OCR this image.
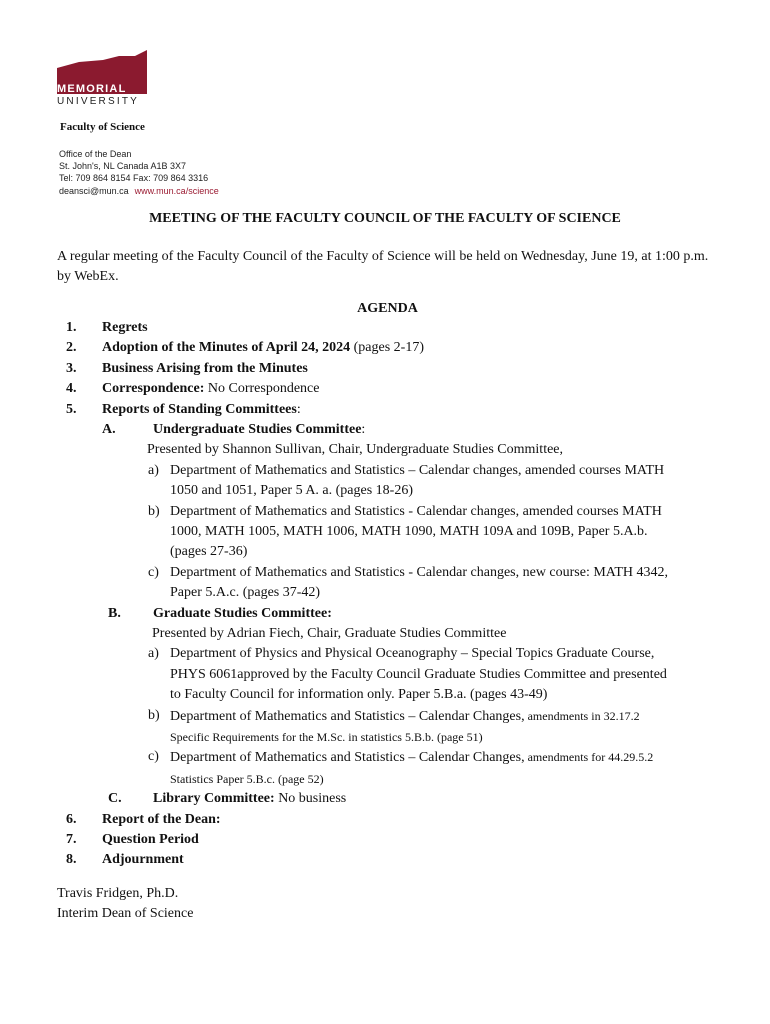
MEMORIAL
UNIVERSITY
Faculty of Science
Office of the Dean
St. John's, NL Canada A1B 3X7
Tel: 709 864 8154 Fax: 709 864 3316
deansci@mun.ca www.mun.ca/science
MEETING OF THE FACULTY COUNCIL OF THE FACULTY OF SCIENCE
A regular meeting of the Faculty Council of the Faculty of Science will be held on Wednesday, June 19, at 1:00 p.m. by WebEx.
AGENDA
1. Regrets
2. Adoption of the Minutes of April 24, 2024 (pages 2-17)
3. Business Arising from the Minutes
4. Correspondence: No Correspondence
5. Reports of Standing Committees:
A.	Undergraduate Studies Committee:
Presented by Shannon Sullivan, Chair, Undergraduate Studies Committee,
a) Department of Mathematics and Statistics – Calendar changes, amended courses MATH
1050 and 1051, Paper 5 A. a. (pages 18-26)
b) Department of Mathematics and Statistics - Calendar changes, amended courses MATH
1000, MATH 1005, MATH 1006, MATH 1090, MATH 109A and 109B, Paper 5.A.b.
(pages 27-36)
c) Department of Mathematics and Statistics - Calendar changes, new course: MATH 4342,
Paper 5.A.c. (pages 37-42)
B. Graduate Studies Committee:
Presented by Adrian Fiech, Chair, Graduate Studies Committee
a) Department of Physics and Physical Oceanography – Special Topics Graduate Course,
PHYS 6061approved by the Faculty Council Graduate Studies Committee and presented
to Faculty Council for information only. Paper 5.B.a. (pages 43-49)
b) Department of Mathematics and Statistics – Calendar Changes, amendments in 32.17.2
Specific Requirements for the M.Sc. in statistics 5.B.b. (page 51)
c) Department of Mathematics and Statistics – Calendar Changes, amendments for 44.29.5.2
Statistics Paper 5.B.c. (page 52)
C. Library Committee: No business
6. Report of the Dean:
7. Question Period
8. Adjournment
Travis Fridgen, Ph.D.
Interim Dean of Science
